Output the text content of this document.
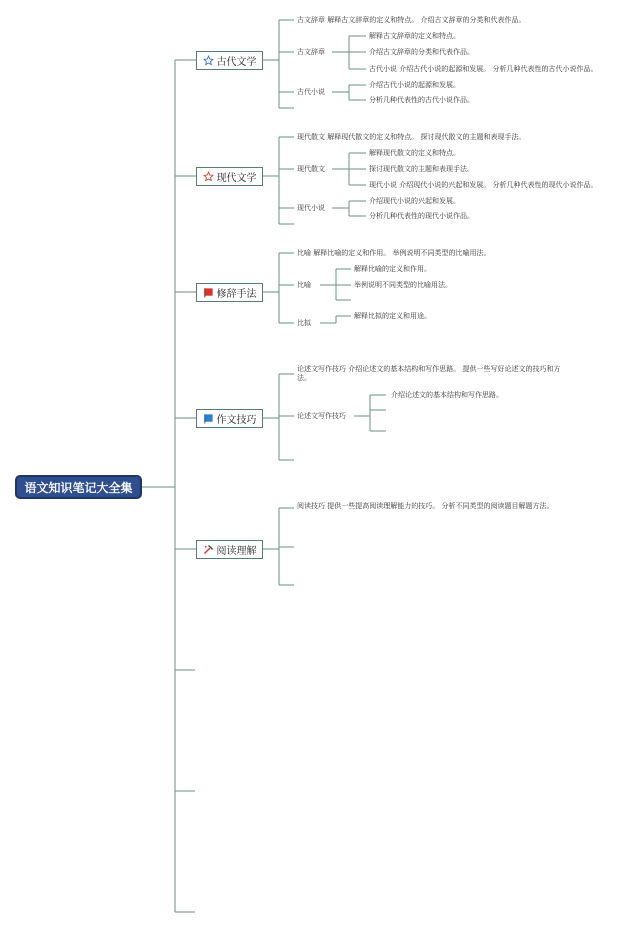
语文知识笔记大全集
古代文学
古文辞章 解释古文辞章的定义和特点。 介绍古文辞章的分类和代表作品。
古文辞章
解释古文辞章的定义和特点。
介绍古文辞章的分类和代表作品。
古代小说 介绍古代小说的起源和发展。 分析几种代表性的古代小说作品。
古代小说
介绍古代小说的起源和发展。
分析几种代表性的古代小说作品。
现代文学
现代散文 解释现代散文的定义和特点。 探讨现代散文的主题和表现手法。
现代散文
解释现代散文的定义和特点。
探讨现代散文的主题和表现手法。
现代小说 介绍现代小说的兴起和发展。 分析几种代表性的现代小说作品。
现代小说
介绍现代小说的兴起和发展。
分析几种代表性的现代小说作品。
修辞手法
比喻 解释比喻的定义和作用。 举例说明不同类型的比喻用法。
比喻
解释比喻的定义和作用。
举例说明不同类型的比喻用法。
比拟
解释比拟的定义和用途。
作文技巧
论述文写作技巧 介绍论述文的基本结构和写作思路。 提供一些写好论述文的技巧和方法。
论述文写作技巧
介绍论述文的基本结构和写作思路。
阅读理解
阅读技巧 提供一些提高阅读理解能力的技巧。 分析不同类型的阅读题目解题方法。
